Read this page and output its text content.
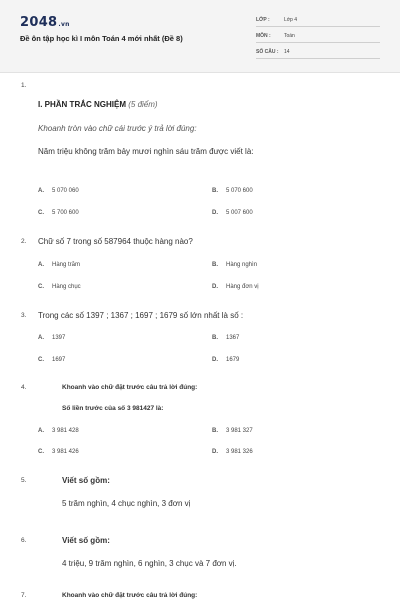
2048.vn
Đề ôn tập học kì I môn Toán 4 mới nhất (Đề 8)
LỚP :	Lớp 4
MÔN :	Toán
SỐ CÂU : 14
1.
I. PHẦN TRẮC NGHIỆM (5 điểm)
Khoanh tròn vào chữ cái trước ý trả lời đúng:
Năm triệu không trăm bảy mươi nghìn sáu trăm được viết là:
A. 5 070 060	B. 5 070 600
C. 5 700 600	D. 5 007 600
2. Chữ số 7 trong số 587964 thuộc hàng nào?
A. Hàng trăm	B. Hàng nghìn
C. Hàng chục	D. Hàng đơn vị
3. Trong các số 1397 ; 1367 ; 1697 ; 1679 số lớn nhất là số :
A. 1397	B. 1367
C. 1697	D. 1679
4.	Khoanh vào chữ đặt trước câu trả lời đúng:
Số liền trước của số 3 981427 là:
A. 3 981 428	B. 3 981 327
C. 3 981 426	D. 3 981 326
5.	Viết số gồm:
5 trăm nghìn, 4 chục nghìn, 3 đơn vị
6.	Viết số gồm:
4 triệu, 9 trăm nghìn, 6 nghìn, 3 chục và 7 đơn vị.
7.	Khoanh vào chữ đặt trước câu trả lời đúng:
